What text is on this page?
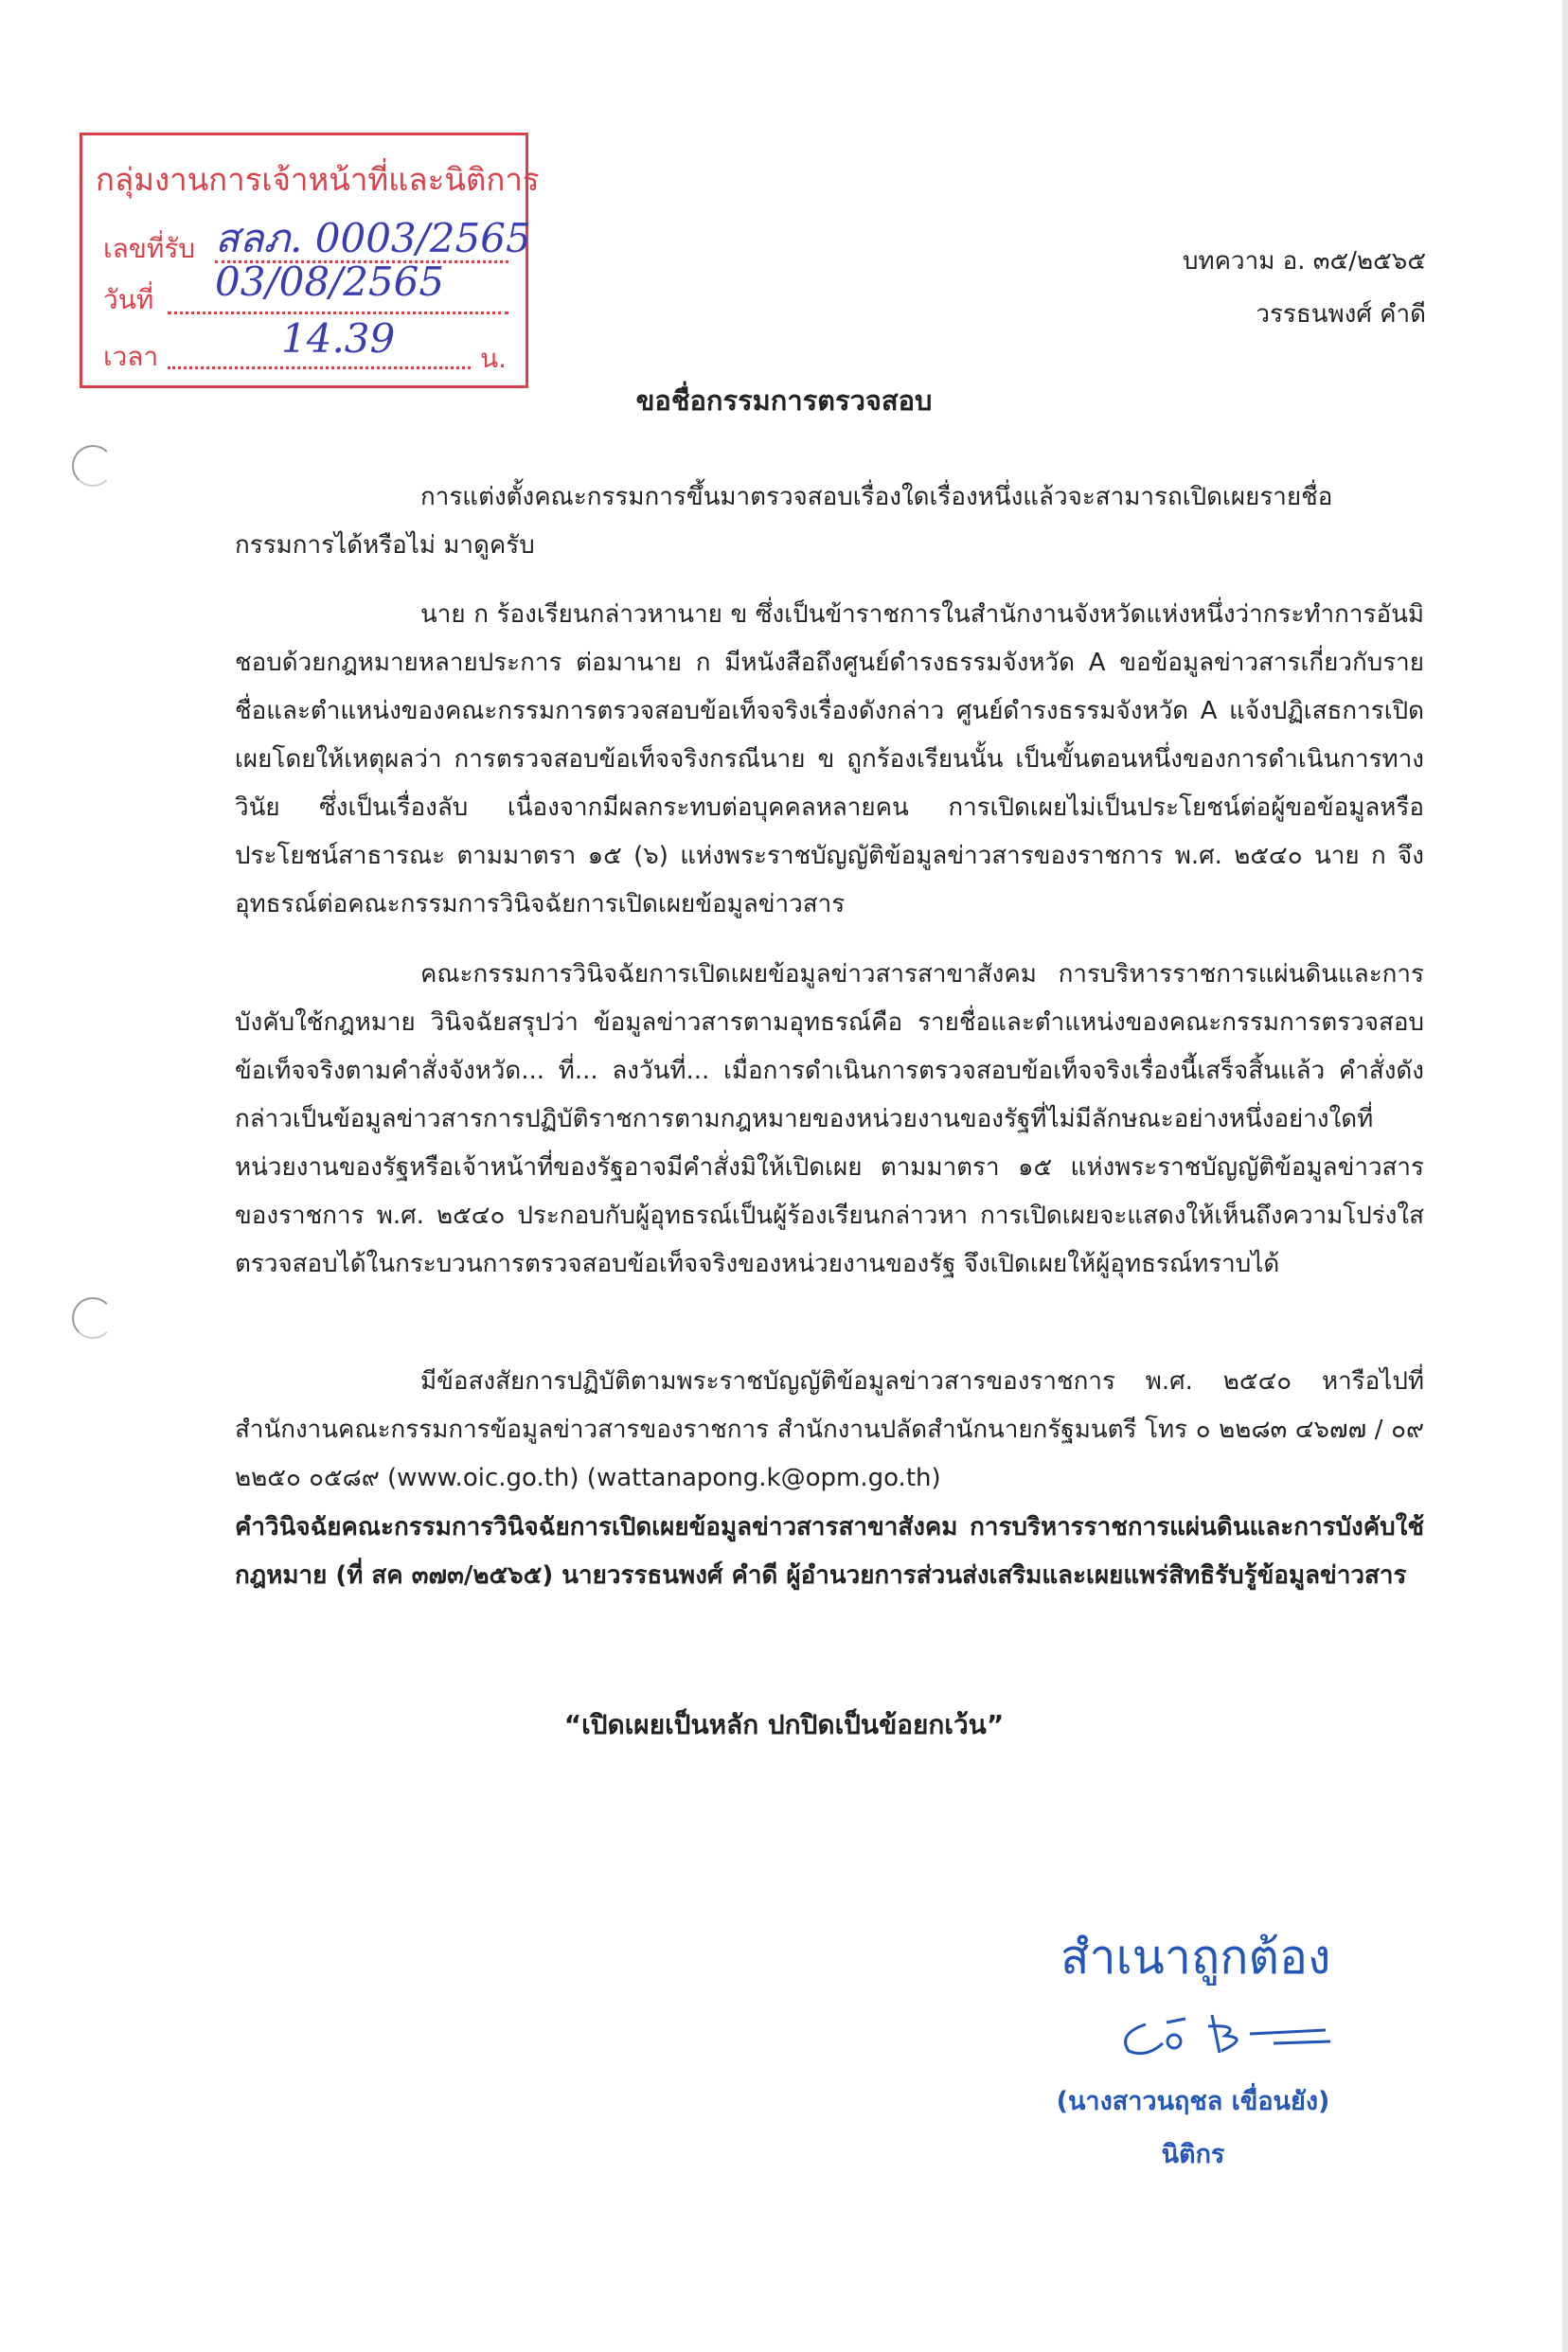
กลุ่มงานการเจ้าหน้าที่และนิติการ
เลขที่รับ สลภ. 0003/2565
วันที่ 03/08/2565
เวลา	14.39	น.
บทความ อ. ๓๕/๒๕๖๕
วรรธนพงศ์ คำดี
ขอชื่อกรรมการตรวจสอบ
การแต่งตั้งคณะกรรมการขึ้นมาตรวจสอบเรื่องใดเรื่องหนึ่งแล้วจะสามารถเปิดเผยรายชื่อกรรมการได้หรือไม่ มาดูครับ
นาย ก ร้องเรียนกล่าวหานาย ข ซึ่งเป็นข้าราชการในสำนักงานจังหวัดแห่งหนึ่งว่ากระทำการอันมิชอบด้วยกฎหมายหลายประการ ต่อมานาย ก มีหนังสือถึงศูนย์ดำรงธรรมจังหวัด A ขอข้อมูลข่าวสารเกี่ยวกับรายชื่อและตำแหน่งของคณะกรรมการตรวจสอบข้อเท็จจริงเรื่องดังกล่าว ศูนย์ดำรงธรรมจังหวัด A แจ้งปฏิเสธการเปิดเผยโดยให้เหตุผลว่า การตรวจสอบข้อเท็จจริงกรณีนาย ข ถูกร้องเรียนนั้น เป็นขั้นตอนหนึ่งของการดำเนินการทางวินัย ซึ่งเป็นเรื่องลับ เนื่องจากมีผลกระทบต่อบุคคลหลายคน การเปิดเผยไม่เป็นประโยชน์ต่อผู้ขอข้อมูลหรือประโยชน์สาธารณะ ตามมาตรา ๑๕ (๖) แห่งพระราชบัญญัติข้อมูลข่าวสารของราชการ พ.ศ. ๒๕๔๐ นาย ก จึงอุทธรณ์ต่อคณะกรรมการวินิจฉัยการเปิดเผยข้อมูลข่าวสาร
คณะกรรมการวินิจฉัยการเปิดเผยข้อมูลข่าวสารสาขาสังคม การบริหารราชการแผ่นดินและการบังคับใช้กฎหมาย วินิจฉัยสรุปว่า ข้อมูลข่าวสารตามอุทธรณ์คือ รายชื่อและตำแหน่งของคณะกรรมการตรวจสอบข้อเท็จจริงตามคำสั่งจังหวัด... ที่... ลงวันที่... เมื่อการดำเนินการตรวจสอบข้อเท็จจริงเรื่องนี้เสร็จสิ้นแล้ว คำสั่งดังกล่าวเป็นข้อมูลข่าวสารการปฏิบัติราชการตามกฎหมายของหน่วยงานของรัฐที่ไม่มีลักษณะอย่างหนึ่งอย่างใดที่หน่วยงานของรัฐหรือเจ้าหน้าที่ของรัฐอาจมีคำสั่งมิให้เปิดเผย ตามมาตรา ๑๕ แห่งพระราชบัญญัติข้อมูลข่าวสารของราชการ พ.ศ. ๒๕๔๐ ประกอบกับผู้อุทธรณ์เป็นผู้ร้องเรียนกล่าวหา การเปิดเผยจะแสดงให้เห็นถึงความโปร่งใสตรวจสอบได้ในกระบวนการตรวจสอบข้อเท็จจริงของหน่วยงานของรัฐ จึงเปิดเผยให้ผู้อุทธรณ์ทราบได้
มีข้อสงสัยการปฏิบัติตามพระราชบัญญัติข้อมูลข่าวสารของราชการ พ.ศ. ๒๕๔๐ หารือไปที่สำนักงานคณะกรรมการข้อมูลข่าวสารของราชการ สำนักงานปลัดสำนักนายกรัฐมนตรี โทร ๐ ๒๒๘๓ ๔๖๗๗ / ๐๙ ๒๒๕๐ ๐๕๘๙ (www.oic.go.th) (wattanapong.k@opm.go.th)
คำวินิจฉัยคณะกรรมการวินิจฉัยการเปิดเผยข้อมูลข่าวสารสาขาสังคม การบริหารราชการแผ่นดินและการบังคับใช้กฎหมาย (ที่ สค ๓๗๓/๒๕๖๕) นายวรรธนพงศ์ คำดี ผู้อำนวยการส่วนส่งเสริมและเผยแพร่สิทธิรับรู้ข้อมูลข่าวสาร
“เปิดเผยเป็นหลัก ปกปิดเป็นข้อยกเว้น”
สำเนาถูกต้อง
(นางสาวนฤชล เขื่อนยัง)
นิติกร
